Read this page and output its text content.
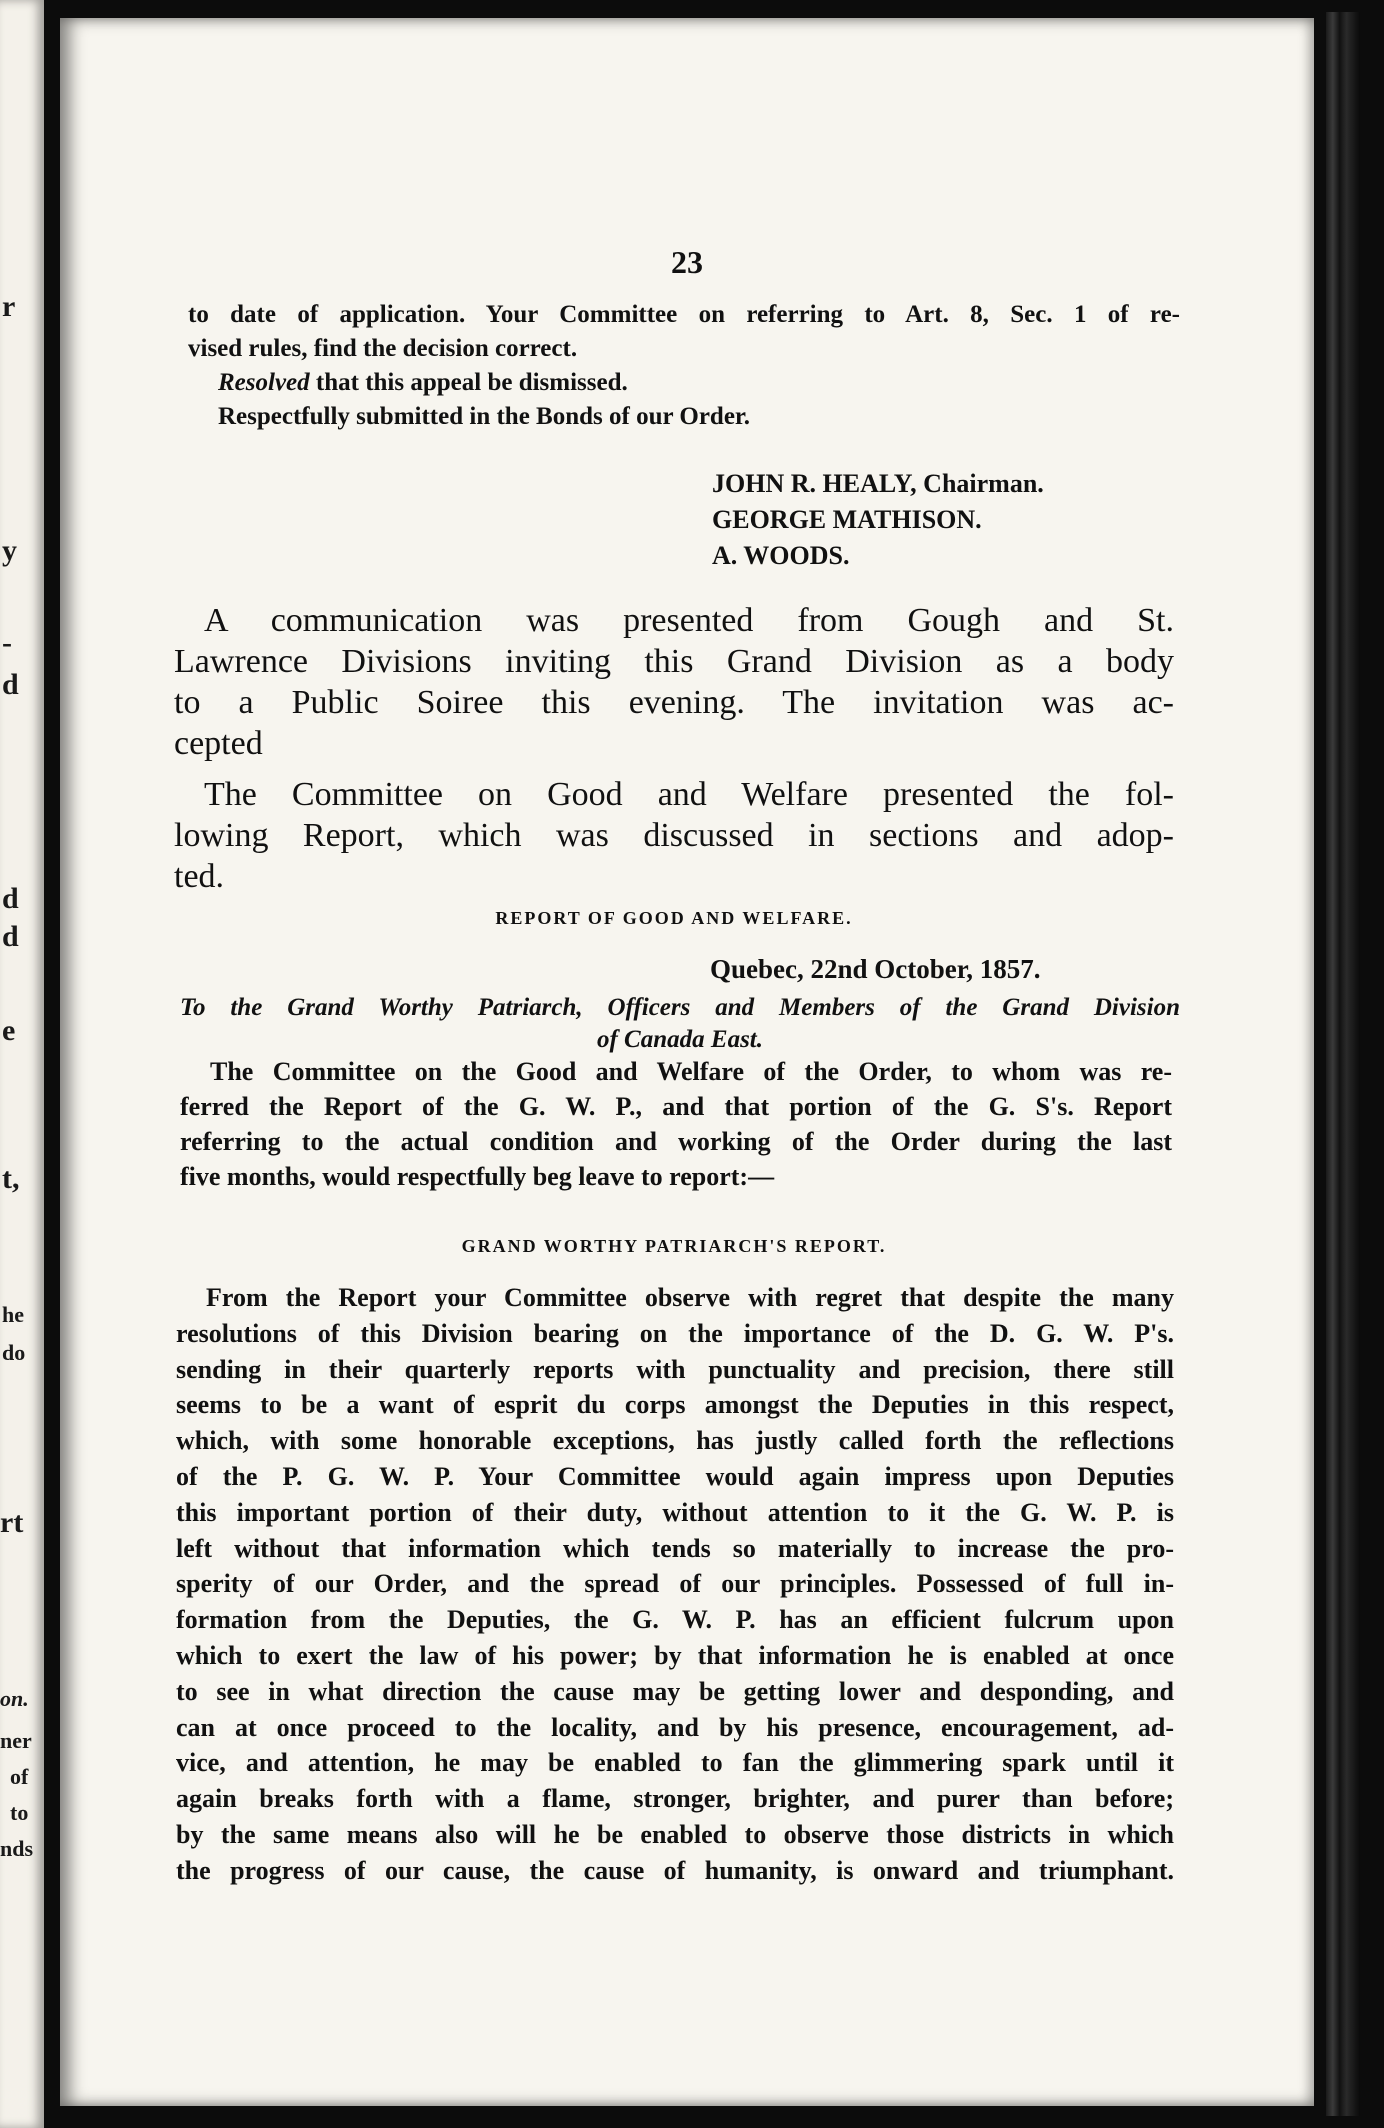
r
y
-
d
d
d
e
t,
he
do
rt
on.
ner
of
to
nds
23
to date of application. Your Committee on referring to Art. 8, Sec. 1 of re-
vised rules, find the decision correct.
Resolved that this appeal be dismissed.
Respectfully submitted in the Bonds of our Order.
JOHN R. HEALY, Chairman.
GEORGE MATHISON.
A. WOODS.
A communication was presented from Gough and St.
Lawrence Divisions inviting this Grand Division as a body
to a Public Soiree this evening. The invitation was ac-
cepted
The Committee on Good and Welfare presented the fol-
lowing Report, which was discussed in sections and adop-
ted.
REPORT OF GOOD AND WELFARE.
Quebec, 22nd October, 1857.
To the Grand Worthy Patriarch, Officers and Members of the Grand Division
of Canada East.
The Committee on the Good and Welfare of the Order, to whom was re-
ferred the Report of the G. W. P., and that portion of the G. S's. Report
referring to the actual condition and working of the Order during the last
five months, would respectfully beg leave to report:—
GRAND WORTHY PATRIARCH'S REPORT.
From the Report your Committee observe with regret that despite the many
resolutions of this Division bearing on the importance of the D. G. W. P's.
sending in their quarterly reports with punctuality and precision, there still
seems to be a want of esprit du corps amongst the Deputies in this respect,
which, with some honorable exceptions, has justly called forth the reflections
of the P. G. W. P. Your Committee would again impress upon Deputies
this important portion of their duty, without attention to it the G. W. P. is
left without that information which tends so materially to increase the pro-
sperity of our Order, and the spread of our principles. Possessed of full in-
formation from the Deputies, the G. W. P. has an efficient fulcrum upon
which to exert the law of his power; by that information he is enabled at once
to see in what direction the cause may be getting lower and desponding, and
can at once proceed to the locality, and by his presence, encouragement, ad-
vice, and attention, he may be enabled to fan the glimmering spark until it
again breaks forth with a flame, stronger, brighter, and purer than before;
by the same means also will he be enabled to observe those districts in which
the progress of our cause, the cause of humanity, is onward and triumphant.
